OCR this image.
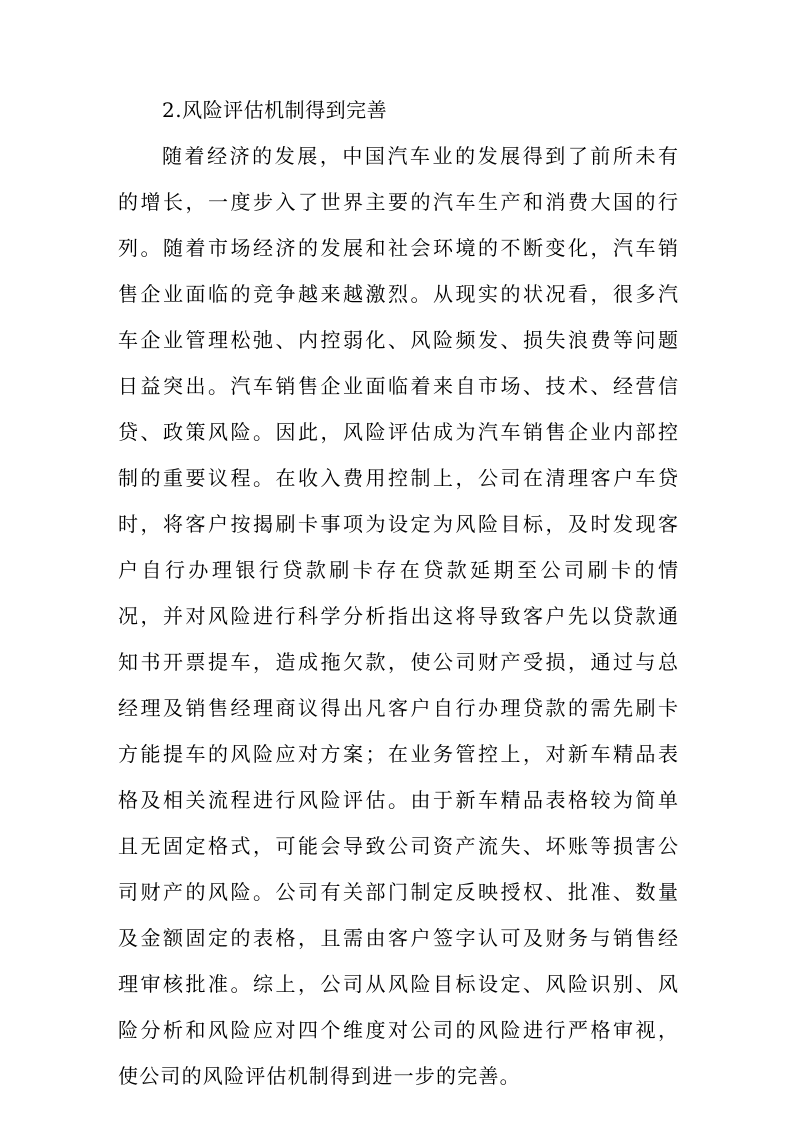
2.风险评估机制得到完善
随着经济的发展，中国汽车业的发展得到了前所未有
的增长，一度步入了世界主要的汽车生产和消费大国的行
列。随着市场经济的发展和社会环境的不断变化，汽车销
售企业面临的竞争越来越激烈。从现实的状况看，很多汽
车企业管理松弛、内控弱化、风险频发、损失浪费等问题
日益突出。汽车销售企业面临着来自市场、技术、经营信
贷、政策风险。因此，风险评估成为汽车销售企业内部控
制的重要议程。在收入费用控制上，公司在清理客户车贷
时，将客户按揭刷卡事项为设定为风险目标，及时发现客
户自行办理银行贷款刷卡存在贷款延期至公司刷卡的情
况，并对风险进行科学分析指出这将导致客户先以贷款通
知书开票提车，造成拖欠款，使公司财产受损，通过与总
经理及销售经理商议得出凡客户自行办理贷款的需先刷卡
方能提车的风险应对方案；在业务管控上，对新车精品表
格及相关流程进行风险评估。由于新车精品表格较为简单
且无固定格式，可能会导致公司资产流失、坏账等损害公
司财产的风险。公司有关部门制定反映授权、批准、数量
及金额固定的表格，且需由客户签字认可及财务与销售经
理审核批准。综上，公司从风险目标设定、风险识别、风
险分析和风险应对四个维度对公司的风险进行严格审视，
使公司的风险评估机制得到进一步的完善。
